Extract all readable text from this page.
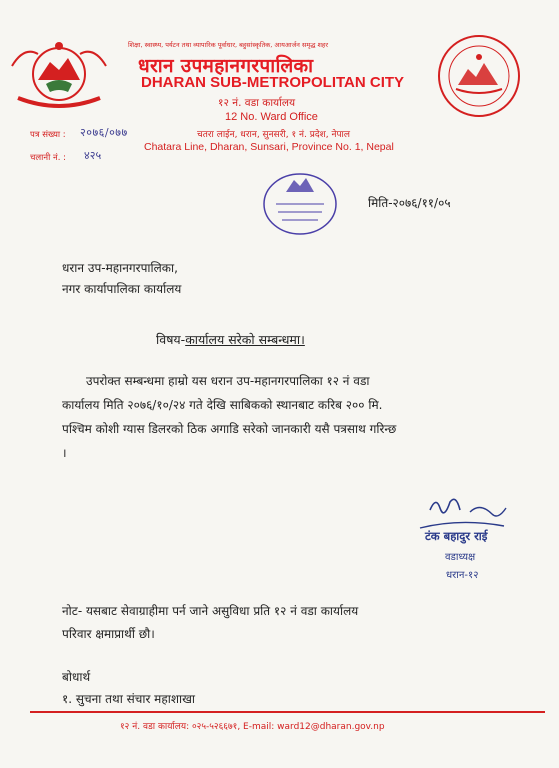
शिक्षा, स्वास्थ्य, पर्यटन तथा व्यापारिक पूर्वाधार, बहुसांस्कृतिक, आयआर्जन समृद्ध शहर
धरान उपमहानगरपालिका
DHARAN SUB-METROPOLITAN CITY
१२ नं. वडा कार्यालय
12 No. Ward Office
चतरा लाईन, धरान, सुनसरी, १ नं. प्रदेश, नेपाल
Chatara Line, Dharan, Sunsari, Province No. 1, Nepal
पत्र संख्या : २०७६/०७७
चलानी नं. : ४२५
मिति-२०७६/११/०५
धरान उप-महानगरपालिका,
नगर कार्यापालिका कार्यालय
विषय-कार्यालय सरेको सम्बन्धमा।
उपरोक्त सम्बन्धमा हाम्रो यस धरान उप-महानगरपालिका १२ नं वडा
कार्यालय मिति २०७६/१०/२४ गते देखि साबिकको स्थानबाट करिब २०० मि.
पश्चिम कोशी ग्यास डिलरको ठिक अगाडि सरेको जानकारी यसै पत्रसाथ गरिन्छ
।
टंक बहादुर राई
वडाध्यक्ष
धरान-१२
नोट- यसबाट सेवाग्राहीमा पर्न जाने असुविधा प्रति १२ नं वडा कार्यालय
परिवार क्षमाप्रार्थी छौ।
बोधार्थ
१. सुचना तथा संचार महाशाखा
१२ नं. वडा कार्यालय: ०२५-५२६६७१, E-mail: ward12@dharan.gov.np
